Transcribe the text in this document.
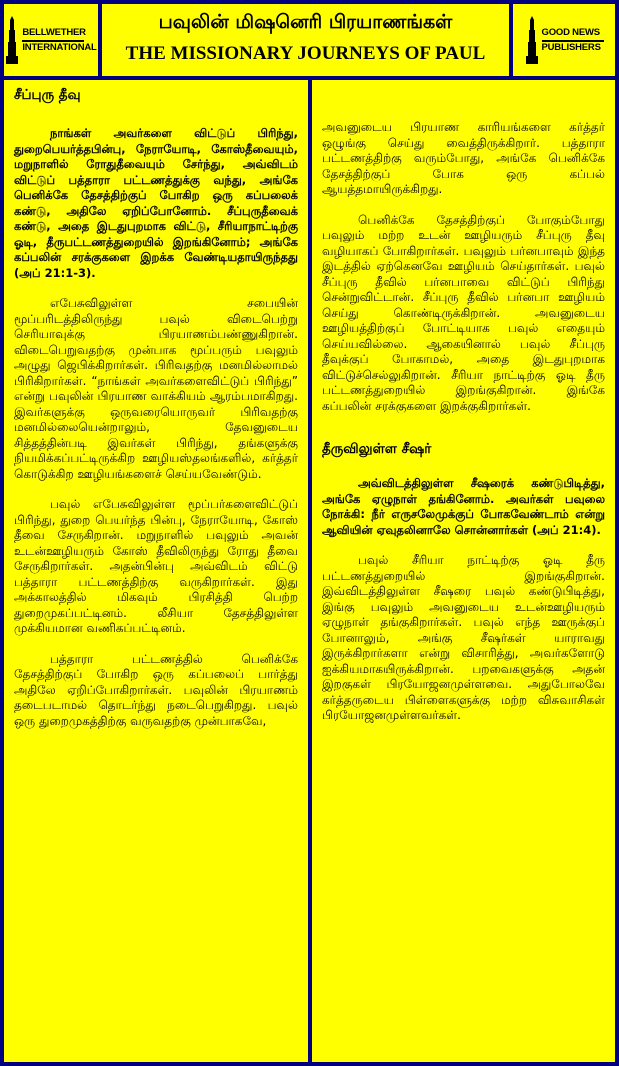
BELLWETHER
INTERNATIONAL
பவுலின் மிஷனெரி பிரயாணங்கள்
THE MISSIONARY JOURNEYS OF PAUL
GOOD NEWS
PUBLISHERS
சீப்புரு தீவு

நாங்கள் அவர்களை விட்டுப் பிரிந்து, துறைபெயர்த்தபின்பு, நேராயோடி, கோஸ்தீவையும், மறுநாளில் ரோதுதீவையும் சேர்ந்து, அவ்விடம் விட்டுப் பத்தாரா பட்டணத்துக்கு வந்து, அங்கே பெனிக்கே தேசத்திற்குப் போகிற ஒரு கப்பலைக் கண்டு, அதிலே ஏறிப்போனோம். சீப்புருதீவைக் கண்டு, அதை இடதுபுறமாக விட்டு, சீரியாநாட்டிற்கு ஓடி, தீருபட்டணத்துறையில் இறங்கினோம்; அங்கே கப்பலின் சரக்குகளை இறக்க வேண்டியதாயிருந்தது (அப் 21:1-3).

எபேசுவிலுள்ள சபையின் மூப்பரிடத்திலிருந்து பவுல் விடைபெற்று செரியாவுக்கு பிரயாணம்பண்ணுகிறான். விடைபெறுவதற்கு முன்பாக மூப்பரும் பவுலும் அழுது ஜெபிக்கிறார்கள். பிரிவதற்கு மனமில்லாமல் பிரிகிறார்கள். “நாங்கள் அவர்களைவிட்டுப் பிரிந்து” என்று பவுலின் பிரயாண வாக்கியம் ஆரம்பமாகிறது. இவர்களுக்கு ஒருவரையொருவர் பிரிவதற்கு மனமில்லையென்றாலும், தேவனுடைய சித்தத்தின்படி இவர்கள் பிரிந்து, தங்களுக்கு நியமிக்கப்பட்டிருக்கிற ஊழியஸ்தலங்களில், கர்த்தர் கொடுக்கிற ஊழியங்களைச் செய்யவேண்டும்.

பவுல் எபேசுவிலுள்ள மூப்பர்களைவிட்டுப் பிரிந்து, துறை பெயர்ந்த பின்பு, நேராயோடி, கோஸ் தீவை சேருகிறான். மறுநாளில் பவுலும் அவன் உடன்ஊழியரும் கோஸ் தீவிலிருந்து ரோது தீவை சேருகிறார்கள். அதன்பின்பு அவ்விடம் விட்டு பத்தாரா பட்டணத்திற்கு வருகிறார்கள். இது அக்காலத்தில் மிகவும் பிரசித்தி பெற்ற துறைமுகப்பட்டினம். லீசியா தேசத்திலுள்ள முக்கியமான வணிகப்பட்டினம்.

பத்தாரா பட்டணத்தில் பெனிக்கே தேசத்திற்குப் போகிற ஒரு கப்பலைப் பார்த்து அதிலே ஏறிப்போகிறார்கள். பவுலின் பிரயாணம் தடைபடாமல் தொடர்ந்து நடைபெறுகிறது. பவுல் ஒரு துறைமுகத்திற்கு வருவதற்கு முன்பாகவே,

அவனுடைய பிரயாண காரியங்களை கர்த்தர் ஒழுங்கு செய்து வைத்திருக்கிறார். பத்தாரா பட்டணத்திற்கு வரும்போது, அங்கே பெனிக்கே தேசத்திற்குப் போக ஒரு கப்பல் ஆயத்தமாயிருக்கிறது.

பெனிக்கே தேசத்திற்குப் போகும்போது பவுலும் மற்ற உடன் ஊழியரும் சீப்புரு தீவு வழியாகப் போகிறார்கள். பவுலும் பர்னபாவும் இந்த இடத்தில் ஏற்கெனவே ஊழியம் செய்தார்கள். பவுல் சீப்புரு தீவில் பர்னபாவை விட்டுப் பிரிந்து சென்றுவிட்டான். சீப்புரு தீவில் பர்னபா ஊழியம் செய்து கொண்டிருக்கிறான். அவனுடைய ஊழியத்திற்குப் போட்டியாக பவுல் எதையும் செய்யவில்லை. ஆகையினால் பவுல் சீப்புரு தீவுக்குப் போகாமல், அதை இடதுபுறமாக விட்டுச்செல்லுகிறான். சீரியா நாட்டிற்கு ஓடி தீரு பட்டணத்துறையில் இறங்குகிறான். இங்கே கப்பலின் சரக்குகளை இறக்குகிறார்கள்.

தீருவிலுள்ள சீஷர்

அவ்விடத்திலுள்ள சீஷரைக் கண்டுபிடித்து, அங்கே ஏழுநாள் தங்கினோம். அவர்கள் பவுலை நோக்கி: நீர் எருசலேமுக்குப் போகவேண்டாம் என்று ஆவியின் ஏவுதலினாலே சொன்னார்கள் (அப் 21:4).

பவுல் சீரியா நாட்டிற்கு ஓடி தீரு பட்டணத்துறையில் இறங்குகிறான். இவ்விடத்திலுள்ள சீஷரை பவுல் கண்டுபிடித்து, இங்கு பவுலும் அவனுடைய உடன்ஊழியரும் ஏழுநாள் தங்குகிறார்கள். பவுல் எந்த ஊருக்குப் போனாலும், அங்கு சீஷர்கள் யாராவது இருக்கிறார்களா என்று விசாரித்து, அவர்களோடு ஐக்கியமாகயிருக்கிறான். பறவைகளுக்கு அதன் இறகுகள் பிரயோஜனமுள்ளவை. அதுபோலவே கர்த்தருடைய பிள்ளைகளுக்கு மற்ற விசுவாசிகள் பிரயோஜனமுள்ளவர்கள்.
